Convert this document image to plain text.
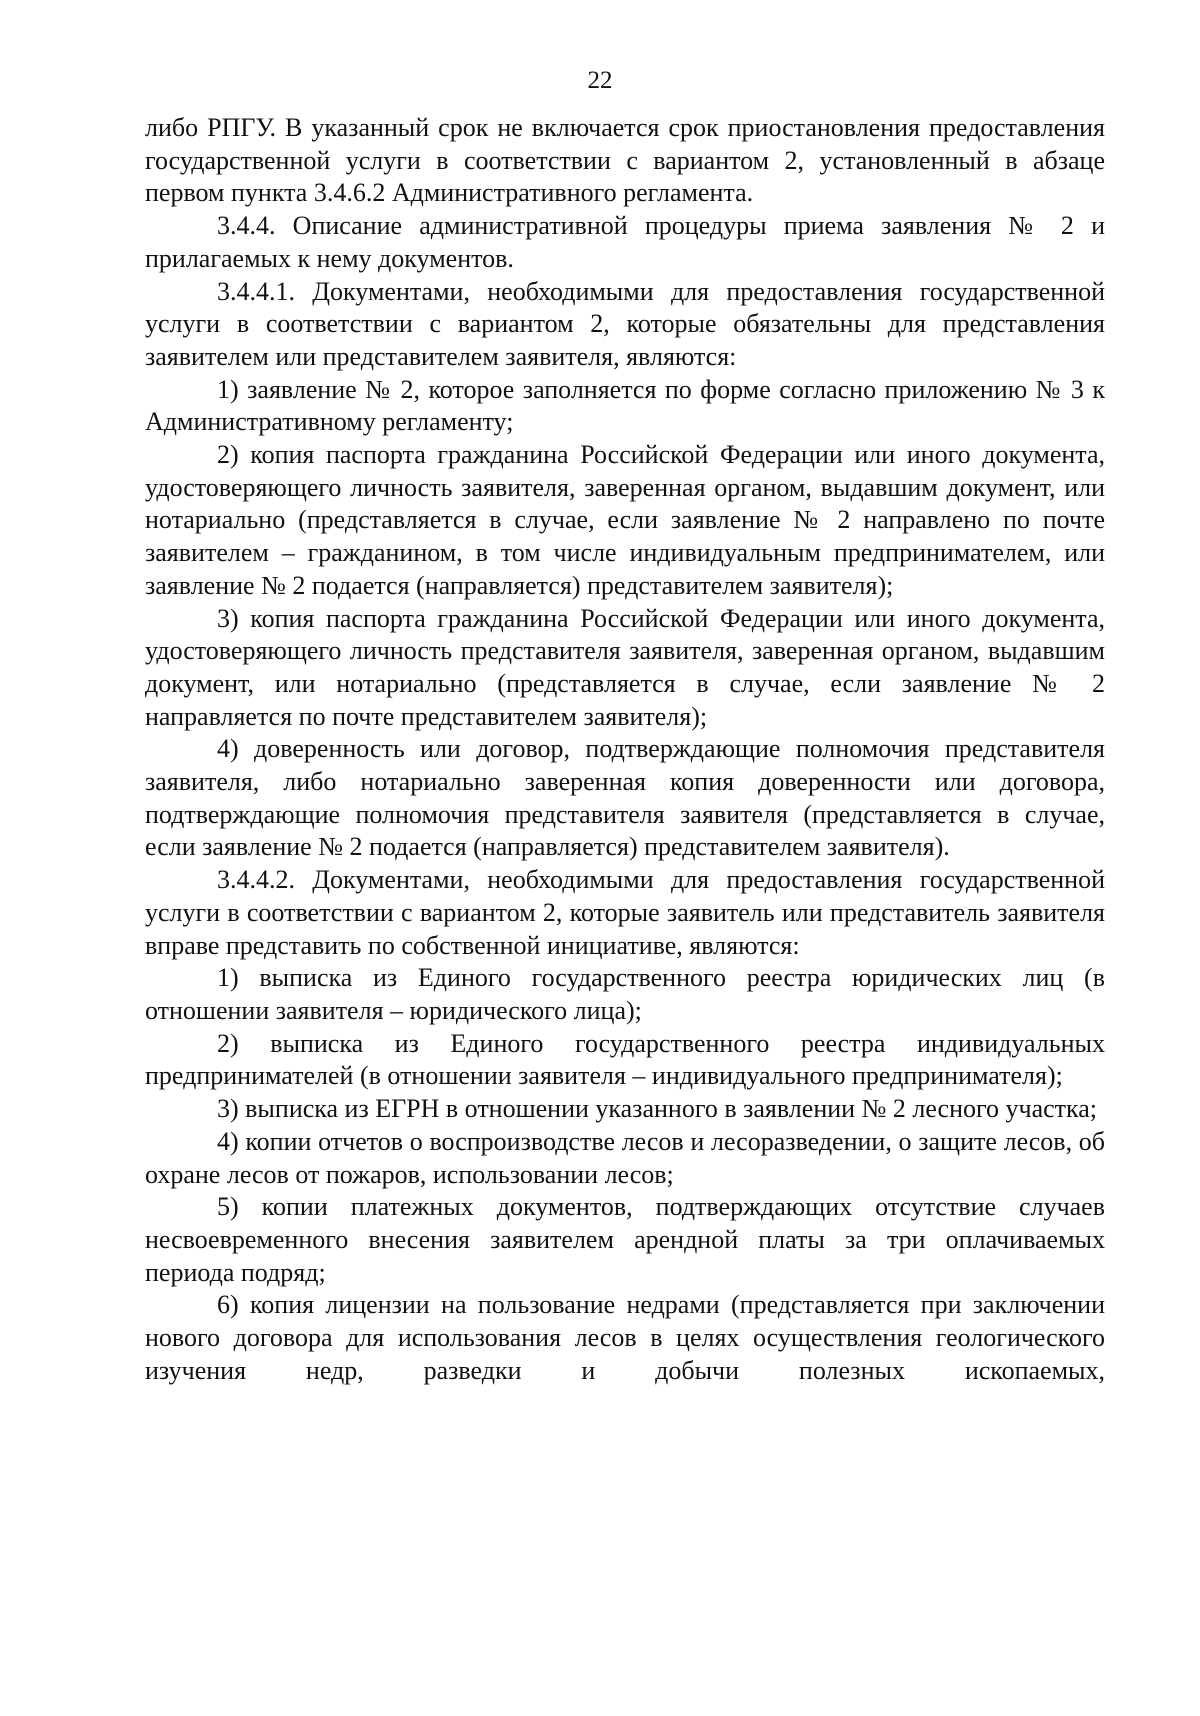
22

либо РПГУ. В указанный срок не включается срок приостановления предоставления государственной услуги в соответствии с вариантом 2, установленный в абзаце первом пункта 3.4.6.2 Административного регламента.

3.4.4. Описание административной процедуры приема заявления № 2 и прилагаемых к нему документов.

3.4.4.1. Документами, необходимыми для предоставления государственной услуги в соответствии с вариантом 2, которые обязательны для представления заявителем или представителем заявителя, являются:

1) заявление № 2, которое заполняется по форме согласно приложению № 3 к Административному регламенту;

2) копия паспорта гражданина Российской Федерации или иного документа, удостоверяющего личность заявителя, заверенная органом, выдавшим документ, или нотариально (представляется в случае, если заявление № 2 направлено по почте заявителем – гражданином, в том числе индивидуальным предпринимателем, или заявление № 2 подается (направляется) представителем заявителя);

3) копия паспорта гражданина Российской Федерации или иного документа, удостоверяющего личность представителя заявителя, заверенная органом, выдавшим документ, или нотариально (представляется в случае, если заявление № 2 направляется по почте представителем заявителя);

4) доверенность или договор, подтверждающие полномочия представителя заявителя, либо нотариально заверенная копия доверенности или договора, подтверждающие полномочия представителя заявителя (представляется в случае, если заявление № 2 подается (направляется) представителем заявителя).

3.4.4.2. Документами, необходимыми для предоставления государственной услуги в соответствии с вариантом 2, которые заявитель или представитель заявителя вправе представить по собственной инициативе, являются:

1) выписка из Единого государственного реестра юридических лиц (в отношении заявителя – юридического лица);

2) выписка из Единого государственного реестра индивидуальных предпринимателей (в отношении заявителя – индивидуального предпринимателя);

3) выписка из ЕГРН в отношении указанного в заявлении № 2 лесного участка;

4) копии отчетов о воспроизводстве лесов и лесоразведении, о защите лесов, об охране лесов от пожаров, использовании лесов;

5) копии платежных документов, подтверждающих отсутствие случаев несвоевременного внесения заявителем арендной платы за три оплачиваемых периода подряд;

6) копия лицензии на пользование недрами (представляется при заключении нового договора для использования лесов в целях осуществления геологического изучения недр, разведки и добычи полезных ископаемых,
